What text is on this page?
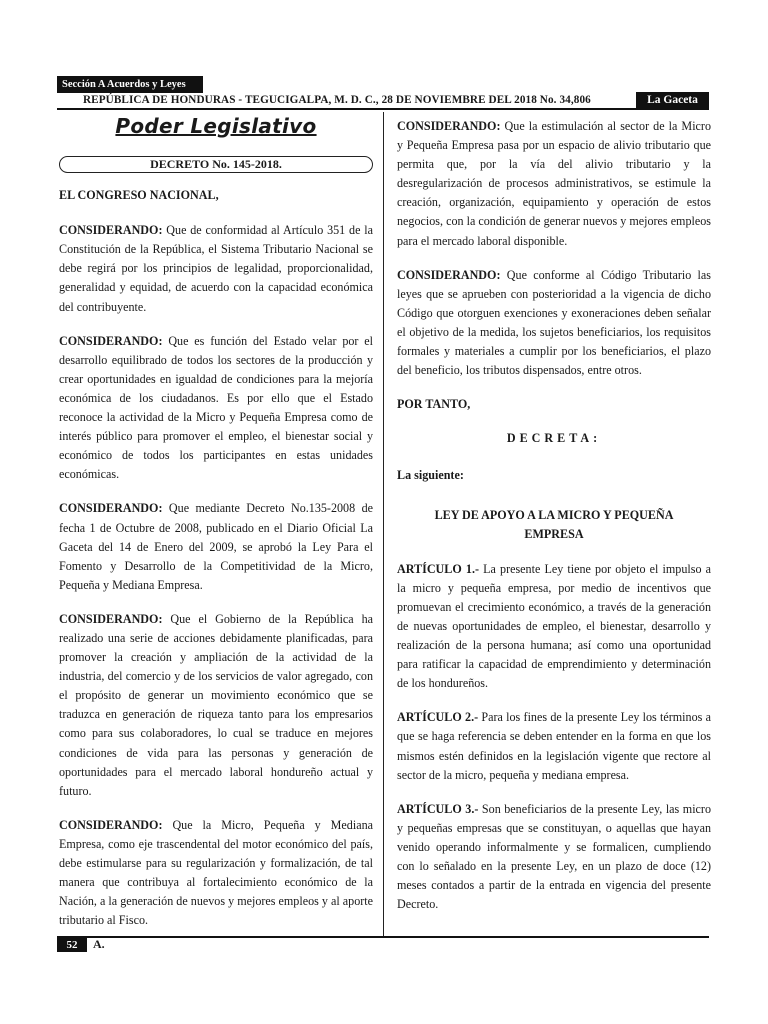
Sección A Acuerdos y Leyes
REPÚBLICA DE HONDURAS - TEGUCIGALPA, M. D. C., 28 DE NOVIEMBRE DEL 2018 No. 34,806	La Gaceta
Poder Legislativo
DECRETO No. 145-2018.

EL CONGRESO NACIONAL,

CONSIDERANDO: Que de conformidad al Artículo 351 de la Constitución de la República, el Sistema Tributario Nacional se debe regirá por los principios de legalidad, proporcionalidad, generalidad y equidad, de acuerdo con la capacidad económica del contribuyente.

CONSIDERANDO: Que es función del Estado velar por el desarrollo equilibrado de todos los sectores de la producción y crear oportunidades en igualdad de condiciones para la mejoría económica de los ciudadanos. Es por ello que el Estado reconoce la actividad de la Micro y Pequeña Empresa como de interés público para promover el empleo, el bienestar social y económico de todos los participantes en estas unidades económicas.

CONSIDERANDO: Que mediante Decreto No.135-2008 de fecha 1 de Octubre de 2008, publicado en el Diario Oficial La Gaceta del 14 de Enero del 2009, se aprobó la Ley Para el Fomento y Desarrollo de la Competitividad de la Micro, Pequeña y Mediana Empresa.

CONSIDERANDO: Que el Gobierno de la República ha realizado una serie de acciones debidamente planificadas, para promover la creación y ampliación de la actividad de la industria, del comercio y de los servicios de valor agregado, con el propósito de generar un movimiento económico que se traduzca en generación de riqueza tanto para los empresarios como para sus colaboradores, lo cual se traduce en mejores condiciones de vida para las personas y generación de oportunidades para el mercado laboral hondureño actual y futuro.

CONSIDERANDO: Que la Micro, Pequeña y Mediana Empresa, como eje trascendental del motor económico del país, debe estimularse para su regularización y formalización, de tal manera que contribuya al fortalecimiento económico de la Nación, a la generación de nuevos y mejores empleos y al aporte tributario al Fisco.

CONSIDERANDO: Que la estimulación al sector de la Micro y Pequeña Empresa pasa por un espacio de alivio tributario que permita que, por la vía del alivio tributario y la desregularización de procesos administrativos, se estimule la creación, organización, equipamiento y operación de estos negocios, con la condición de generar nuevos y mejores empleos para el mercado laboral disponible.

CONSIDERANDO: Que conforme al Código Tributario las leyes que se aprueben con posterioridad a la vigencia de dicho Código que otorguen exenciones y exoneraciones deben señalar el objetivo de la medida, los sujetos beneficiarios, los requisitos formales y materiales a cumplir por los beneficiarios, el plazo del beneficio, los tributos dispensados, entre otros.

POR TANTO,

DECRETA:

La siguiente:

LEY DE APOYO A LA MICRO Y PEQUEÑA EMPRESA

ARTÍCULO 1.- La presente Ley tiene por objeto el impulso a la micro y pequeña empresa, por medio de incentivos que promuevan el crecimiento económico, a través de la generación de nuevas oportunidades de empleo, el bienestar, desarrollo y realización de la persona humana; así como una oportunidad para ratificar la capacidad de emprendimiento y determinación de los hondureños.

ARTÍCULO 2.- Para los fines de la presente Ley los términos a que se haga referencia se deben entender en la forma en que los mismos estén definidos en la legislación vigente que rectore al sector de la micro, pequeña y mediana empresa.

ARTÍCULO 3.- Son beneficiarios de la presente Ley, las micro y pequeñas empresas que se constituyan, o aquellas que hayan venido operando informalmente y se formalicen, cumpliendo con lo señalado en la presente Ley, en un plazo de doce (12) meses contados a partir de la entrada en vigencia del presente Decreto.

52	A.
